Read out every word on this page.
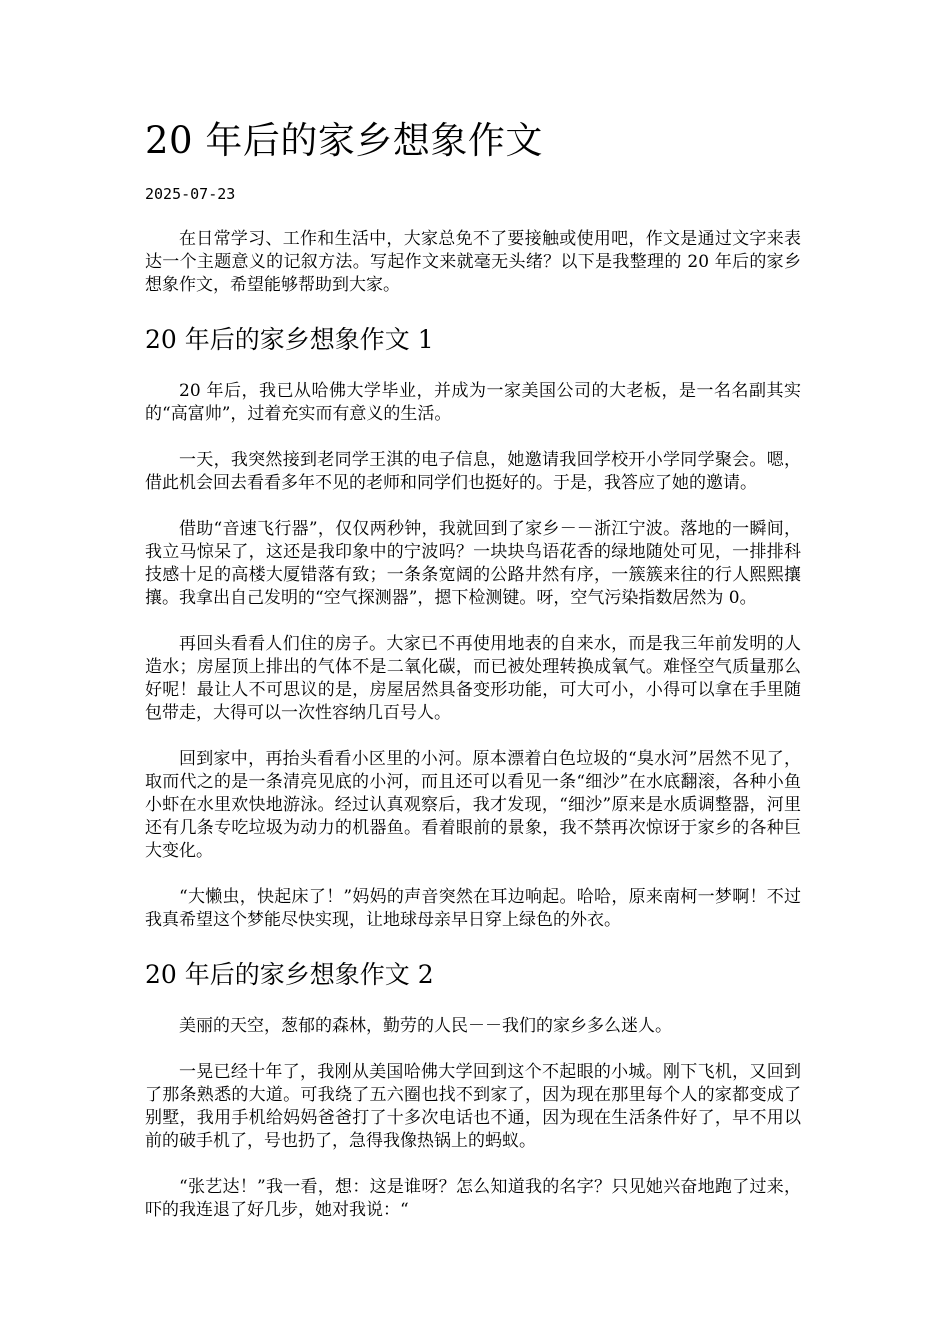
20 年后的家乡想象作文
2025-07-23

在日常学习、工作和生活中，大家总免不了要接触或使用吧，作文是通过文字来表达一个主题意义的记叙方法。写起作文来就毫无头绪？以下是我整理的 20 年后的家乡想象作文，希望能够帮助到大家。

20 年后的家乡想象作文 1

20 年后，我已从哈佛大学毕业，并成为一家美国公司的大老板，是一名名副其实的“高富帅”，过着充实而有意义的生活。

一天，我突然接到老同学王淇的电子信息，她邀请我回学校开小学同学聚会。嗯，借此机会回去看看多年不见的老师和同学们也挺好的。于是，我答应了她的邀请。

借助“音速飞行器”，仅仅两秒钟，我就回到了家乡－－浙江宁波。落地的一瞬间，我立马惊呆了，这还是我印象中的宁波吗？一块块鸟语花香的绿地随处可见，一排排科技感十足的高楼大厦错落有致；一条条宽阔的公路井然有序，一簇簇来往的行人熙熙攘攘。我拿出自己发明的“空气探测器”，摁下检测键。呀，空气污染指数居然为 0。

再回头看看人们住的房子。大家已不再使用地表的自来水，而是我三年前发明的人造水；房屋顶上排出的气体不是二氧化碳，而已被处理转换成氧气。难怪空气质量那么好呢！最让人不可思议的是，房屋居然具备变形功能，可大可小，小得可以拿在手里随包带走，大得可以一次性容纳几百号人。

回到家中，再抬头看看小区里的小河。原本漂着白色垃圾的“臭水河”居然不见了，取而代之的是一条清亮见底的小河，而且还可以看见一条“细沙”在水底翻滚，各种小鱼小虾在水里欢快地游泳。经过认真观察后，我才发现，“细沙”原来是水质调整器，河里还有几条专吃垃圾为动力的机器鱼。看着眼前的景象，我不禁再次惊讶于家乡的各种巨大变化。

“大懒虫，快起床了！”妈妈的声音突然在耳边响起。哈哈，原来南柯一梦啊！不过我真希望这个梦能尽快实现，让地球母亲早日穿上绿色的外衣。

20 年后的家乡想象作文 2

美丽的天空，葱郁的森林，勤劳的人民－－我们的家乡多么迷人。

一晃已经十年了，我刚从美国哈佛大学回到这个不起眼的小城。刚下飞机，又回到了那条熟悉的大道。可我绕了五六圈也找不到家了，因为现在那里每个人的家都变成了别墅，我用手机给妈妈爸爸打了十多次电话也不通，因为现在生活条件好了，早不用以前的破手机了，号也扔了，急得我像热锅上的蚂蚁。

“张艺达！”我一看，想：这是谁呀？怎么知道我的名字？只见她兴奋地跑了过来，吓的我连退了好几步，她对我说：“
